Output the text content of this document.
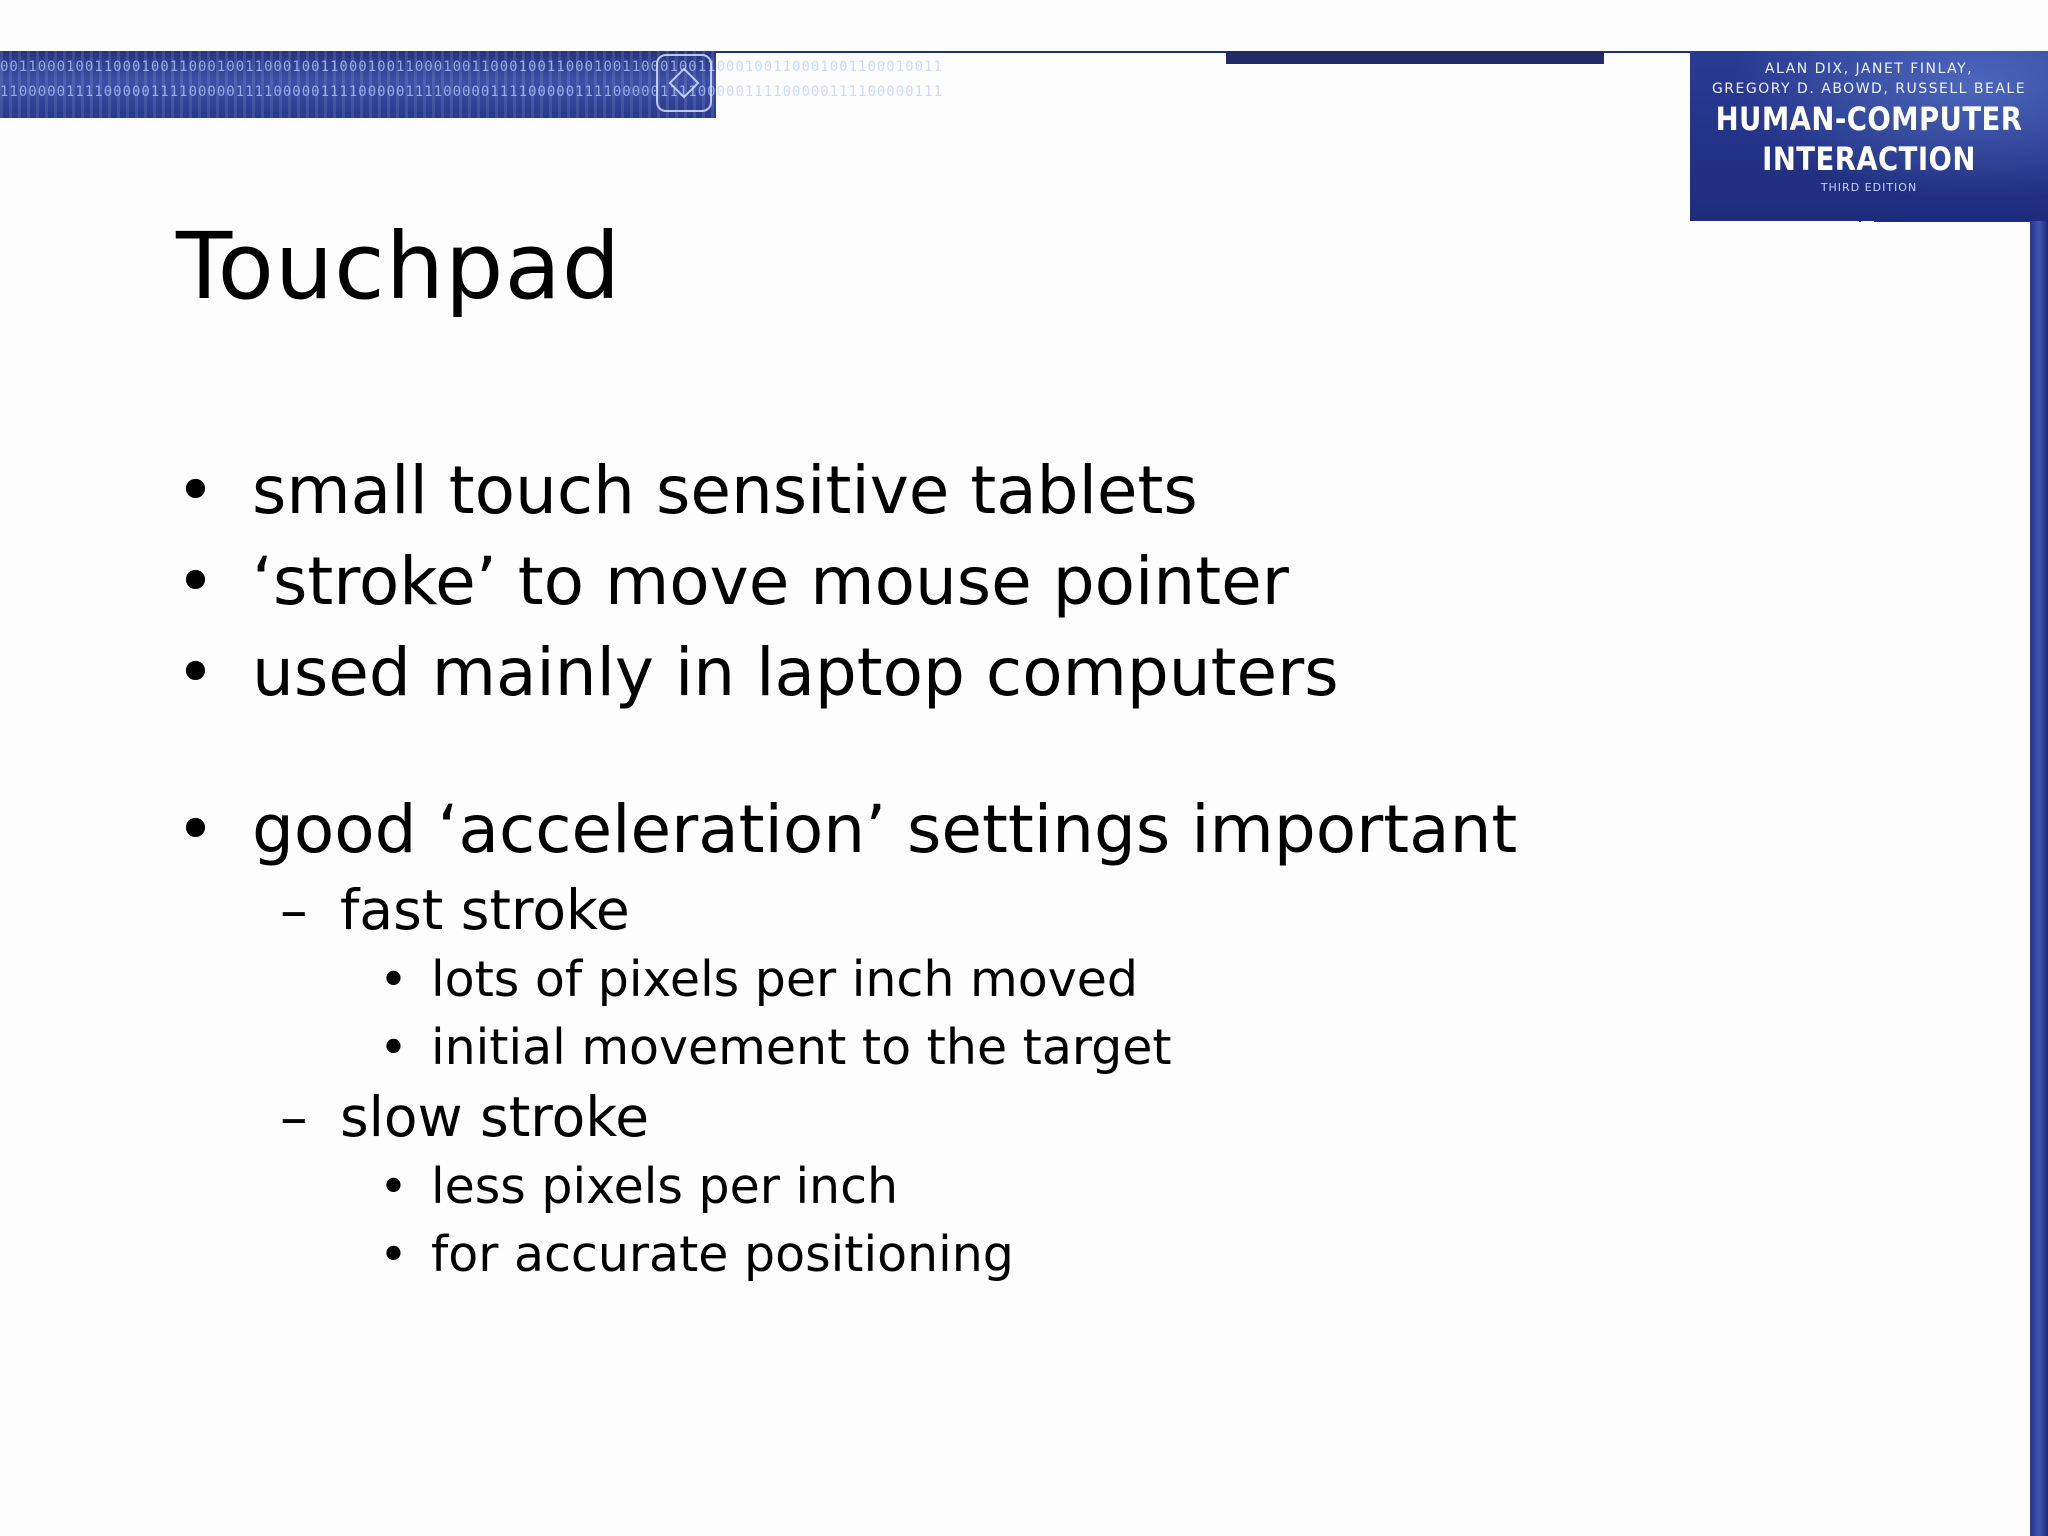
0011000100110001001100010011000100110001001100010011000100110001001100010011000100110001001100010011
1100000111100000111100000111100000111100000111100000111100000111100000111100000111100000111100000111
ALAN DIX, JANET FINLAY,
GREGORY D. ABOWD, RUSSELL BEALE
HUMAN-COMPUTER
INTERACTION
THIRD EDITION
Touchpad
• small touch sensitive tablets
• ‘stroke’ to move mouse pointer
• used mainly in laptop computers
• good ‘acceleration’ settings important
– fast stroke
• lots of pixels per inch moved
• initial movement to the target
– slow stroke
• less pixels per inch
• for accurate positioning
